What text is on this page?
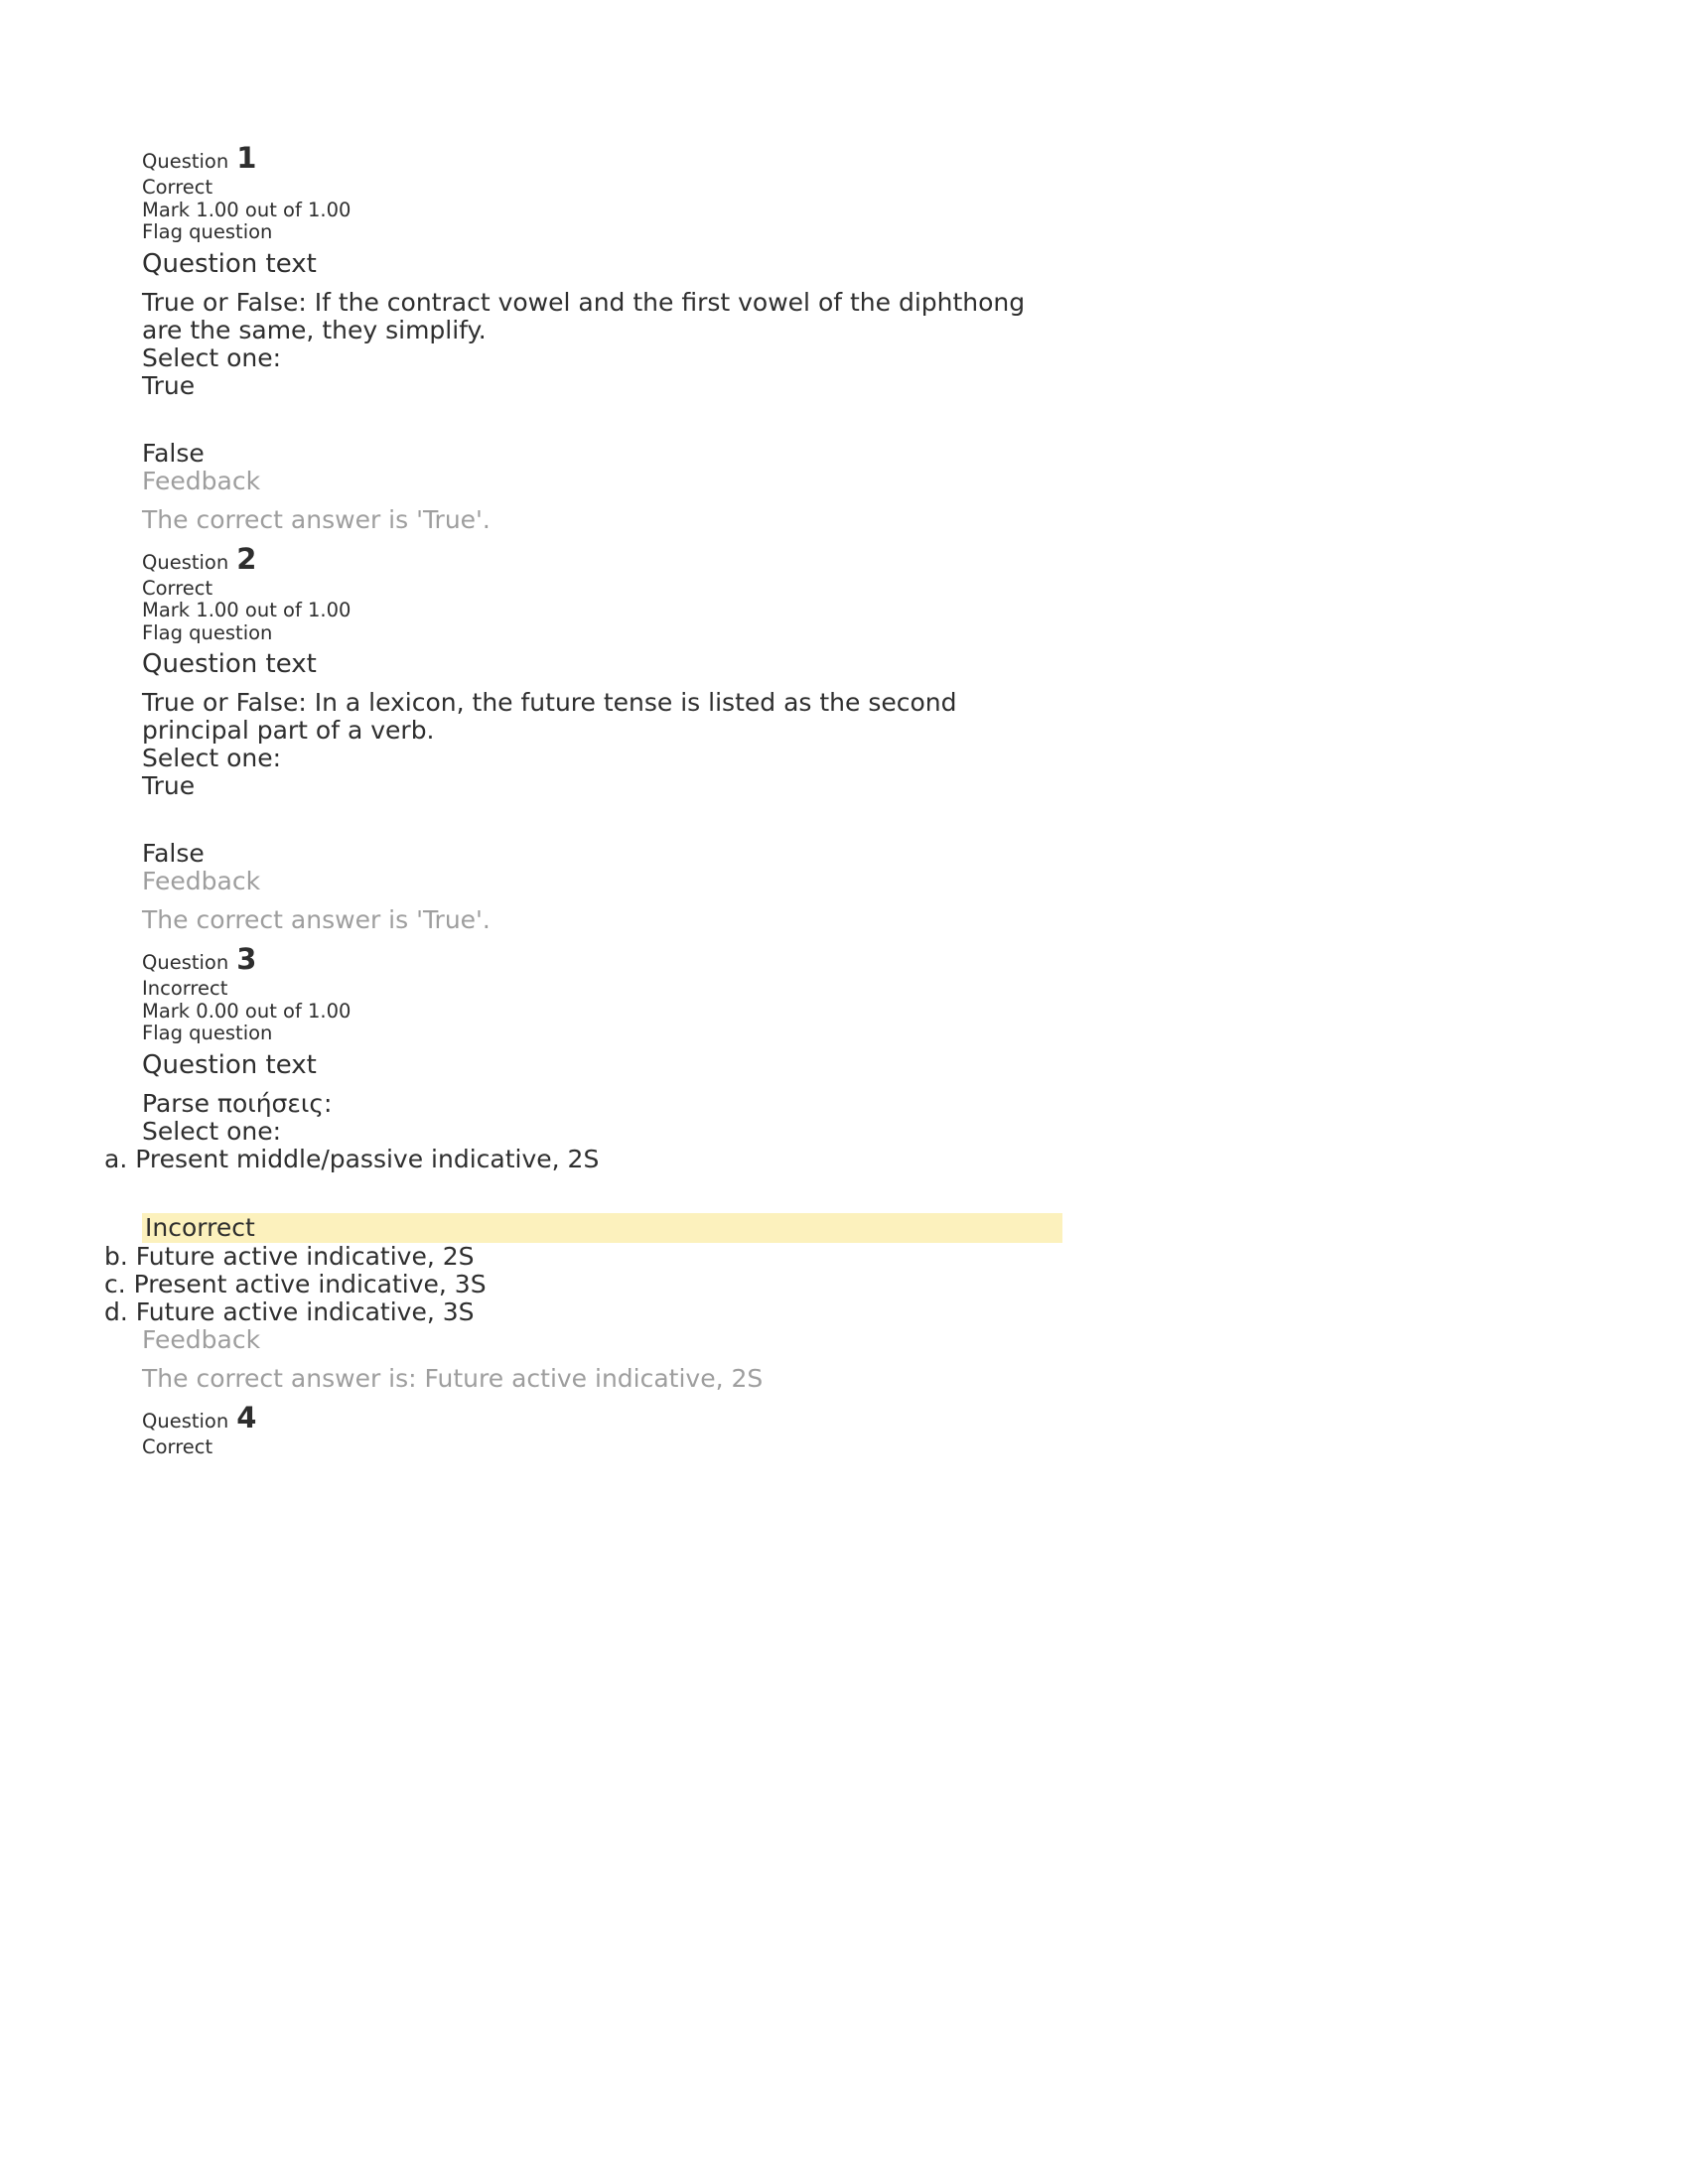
Question 1
Correct
Mark 1.00 out of 1.00
Flag question
Question text

True or False: If the contract vowel and the first vowel of the diphthong are the same, they simplify.

Select one:
True
False
Feedback
The correct answer is 'True'.
Question 2
Correct
Mark 1.00 out of 1.00
Flag question
Question text

True or False: In a lexicon, the future tense is listed as the second principal part of a verb.

Select one:
True
False
Feedback
The correct answer is 'True'.
Question 3
Incorrect
Mark 0.00 out of 1.00
Flag question
Question text

Parse ποιήσεις:

Select one:
a. Present middle/passive indicative, 2S
Incorrect
b. Future active indicative, 2S
c. Present active indicative, 3S
d. Future active indicative, 3S
Feedback
The correct answer is: Future active indicative, 2S
Question 4
Correct
